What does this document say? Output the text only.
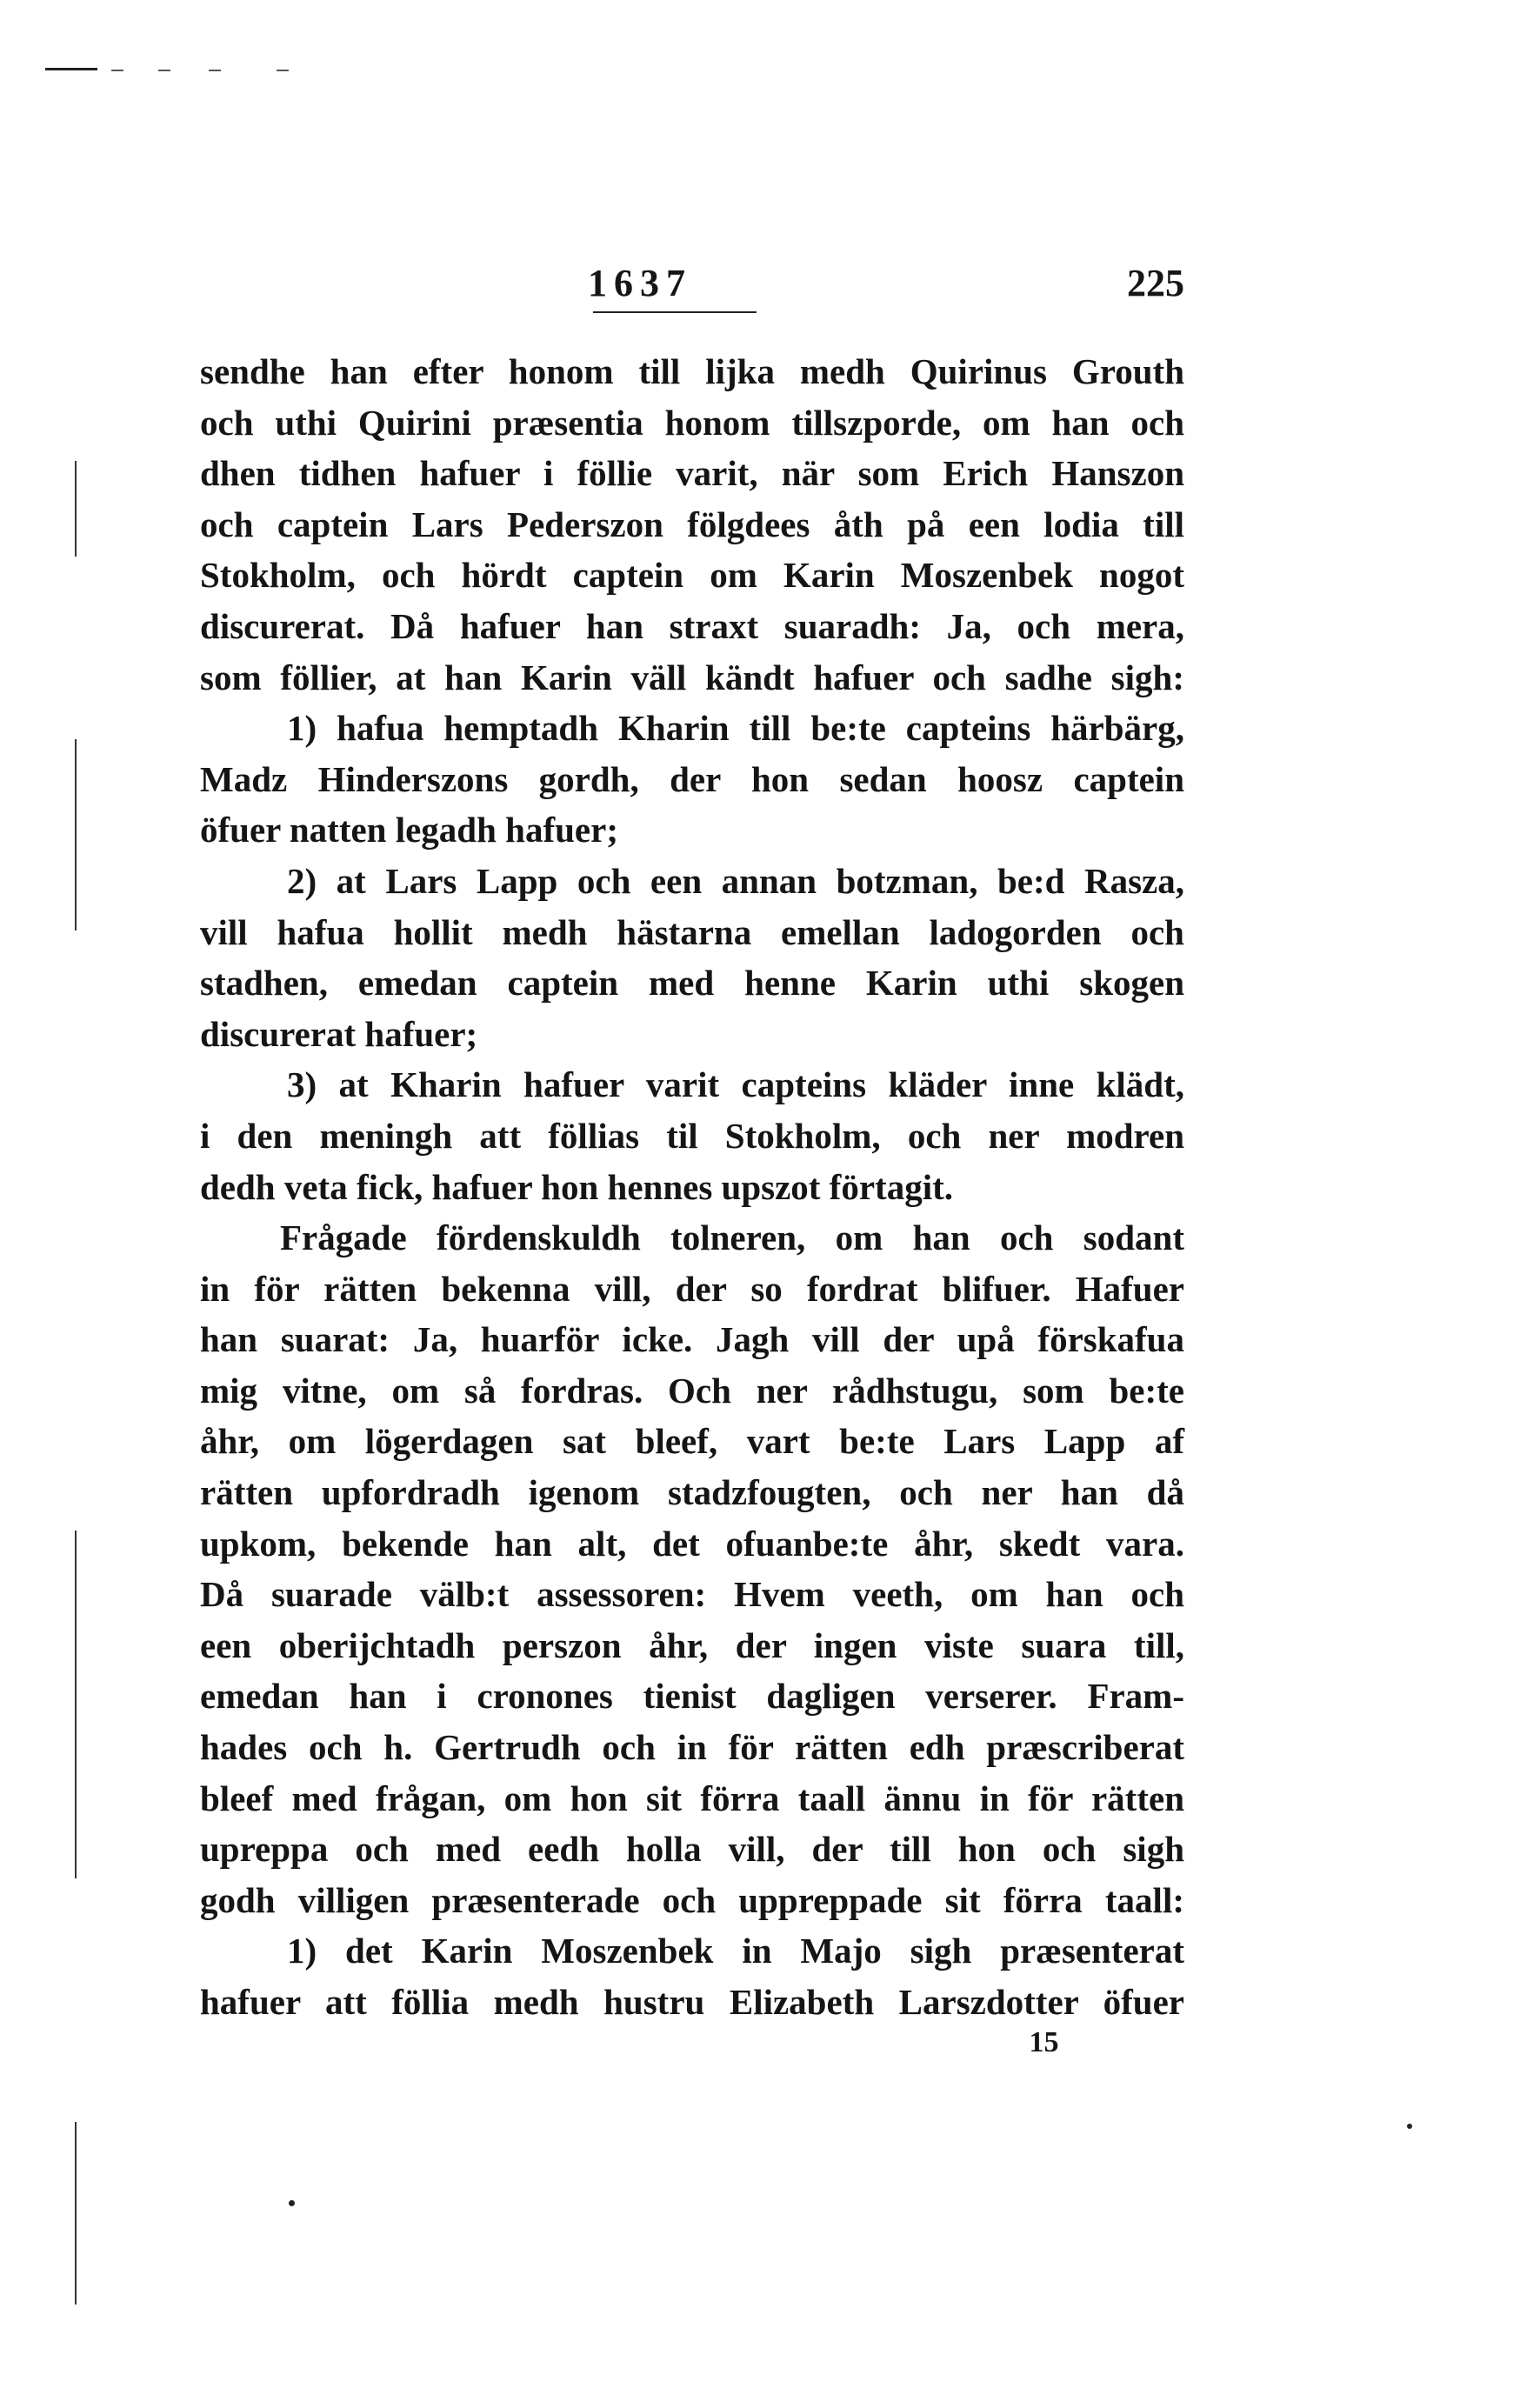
1637	225
sendhe han efter honom till lijka medh Quirinus Grouth
och uthi Quirini præsentia honom tillszporde, om han och
dhen tidhen hafuer i föllie varit, när som Erich Hanszon
och captein Lars Pederszon fölgdees åth på een lodia till
Stokholm, och hördt captein om Karin Moszenbek nogot
discurerat. Då hafuer han straxt suaradh: Ja, och mera,
som föllier, at han Karin väll kändt hafuer och sadhe sigh:
1) hafua hemptadh Kharin till be:te capteins härbärg,
Madz Hinderszons gordh, der hon sedan hoosz captein
öfuer natten legadh hafuer;
2) at Lars Lapp och een annan botzman, be:d Rasza,
vill hafua hollit medh hästarna emellan ladogorden och
stadhen, emedan captein med henne Karin uthi skogen
discurerat hafuer;
3) at Kharin hafuer varit capteins kläder inne klädt,
i den meningh att föllias til Stokholm, och ner modren
dedh veta fick, hafuer hon hennes upszot förtagit.
Frågade fördenskuldh tolneren, om han och sodant
in för rätten bekenna vill, der so fordrat blifuer. Hafuer
han suarat: Ja, huarför icke. Jagh vill der upå förskafua
mig vitne, om så fordras. Och ner rådhstugu, som be:te
åhr, om lögerdagen sat bleef, vart be:te Lars Lapp af
rätten upfordradh igenom stadzfougten, och ner han då
upkom, bekende han alt, det ofuanbe:te åhr, skedt vara.
Då suarade välb:t assessoren: Hvem veeth, om han och
een oberijchtadh perszon åhr, der ingen viste suara till,
emedan han i cronones tienist dagligen verserer. Fram-
hades och h. Gertrudh och in för rätten edh præscriberat
bleef med frågan, om hon sit förra taall ännu in för rätten
upreppa och med eedh holla vill, der till hon och sigh
godh villigen præsenterade och uppreppade sit förra taall:
1) det Karin Moszenbek in Majo sigh præsenterat
hafuer att föllia medh hustru Elizabeth Larszdotter öfuer
15
